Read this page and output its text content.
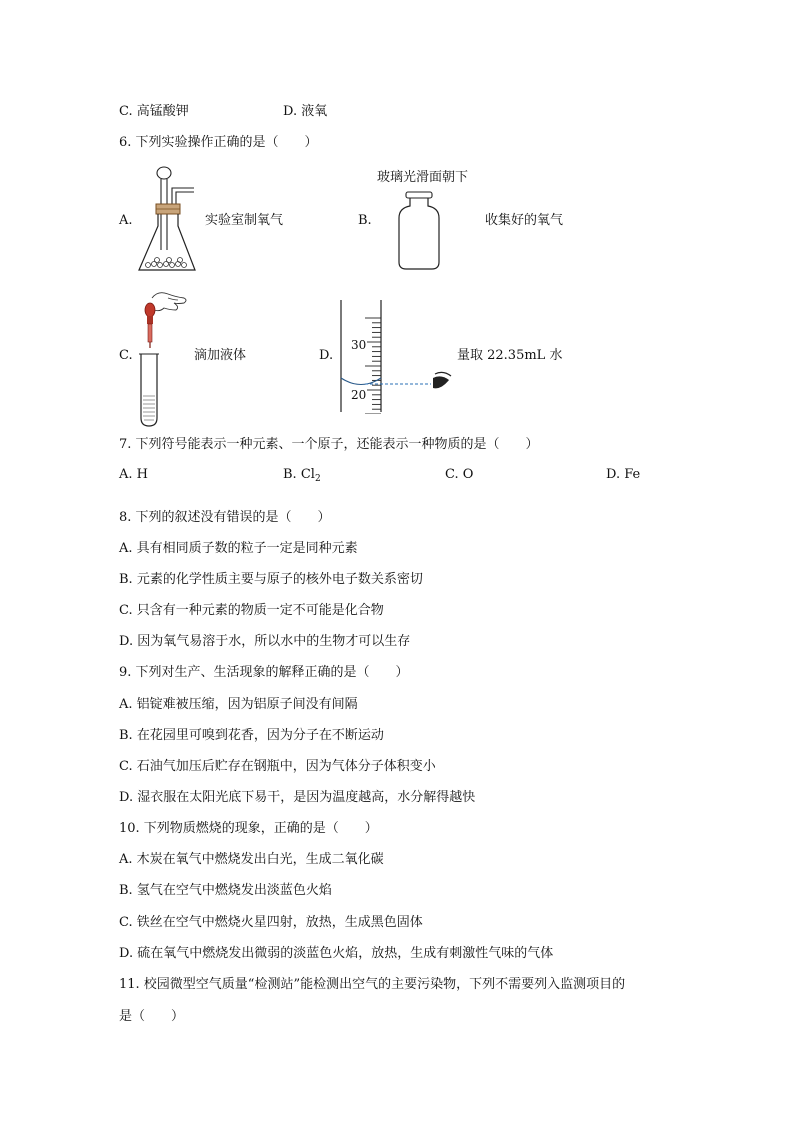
C. 高锰酸钾	D. 液氧
6. 下列实验操作正确的是（　　）
A.	实验室制氧气
玻璃光滑面朝下
B.	收集好的氧气
C.	滴加液体	D.
30
20
量取 22.35mL 水
7. 下列符号能表示一种元素、一个原子，还能表示一种物质的是（　　）
A. H	B. $Cl_2$	C. O	D. Fe
8. 下列的叙述没有错误的是（　　）
A. 具有相同质子数的粒子一定是同种元素
B. 元素的化学性质主要与原子的核外电子数关系密切
C. 只含有一种元素的物质一定不可能是化合物
D. 因为氧气易溶于水，所以水中的生物才可以生存
9. 下列对生产、生活现象的解释正确的是（　　）
A. 铝锭难被压缩，因为铝原子间没有间隔
B. 在花园里可嗅到花香，因为分子在不断运动
C. 石油气加压后贮存在钢瓶中，因为气体分子体积变小
D. 湿衣服在太阳光底下易干，是因为温度越高，水分解得越快
10. 下列物质燃烧的现象，正确的是（　　）
A. 木炭在氧气中燃烧发出白光，生成二氧化碳
B. 氢气在空气中燃烧发出淡蓝色火焰
C. 铁丝在空气中燃烧火星四射，放热，生成黑色固体
D. 硫在氧气中燃烧发出微弱的淡蓝色火焰，放热，生成有刺激性气味的气体
11. 校园微型空气质量“检测站”能检测出空气的主要污染物，下列不需要列入监测项目的
是（　　）
